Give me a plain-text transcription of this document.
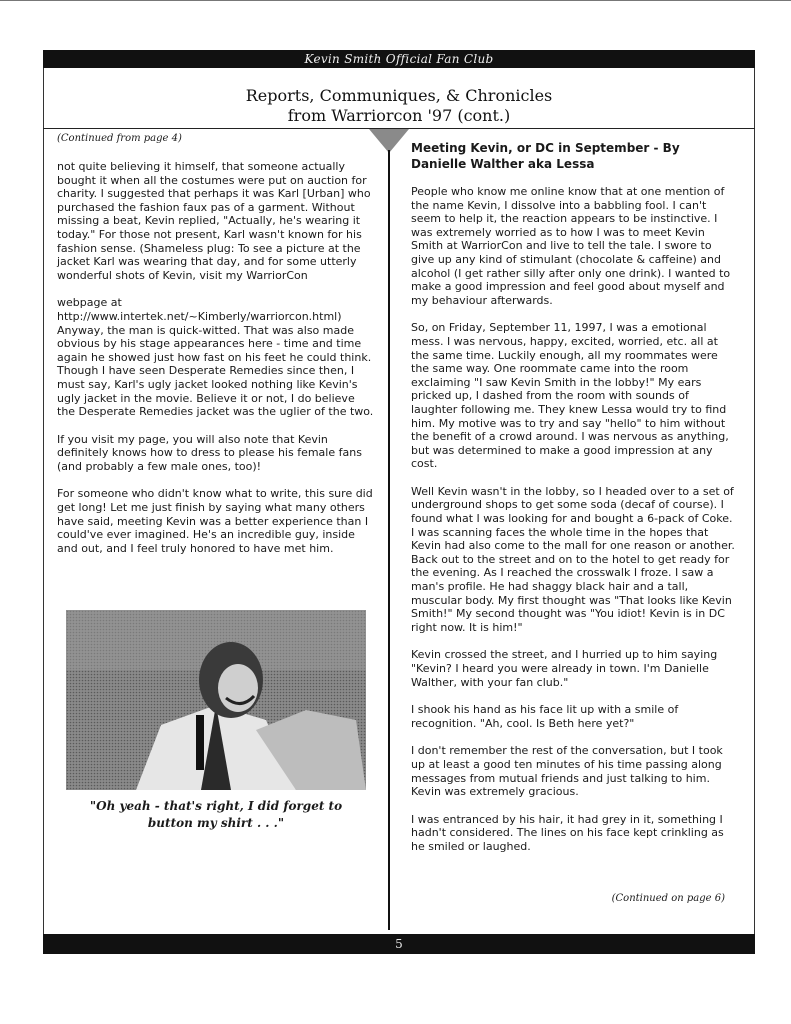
Kevin Smith Official Fan Club
Reports, Communiques, & Chronicles
from Warriorcon '97 (cont.)
(Continued from page 4)

not quite believing it himself, that someone actually bought it when all the costumes were put on auction for charity. I suggested that perhaps it was Karl [Urban] who purchased the fashion faux pas of a garment. Without missing a beat, Kevin replied, "Actually, he's wearing it today." For those not present, Karl wasn't known for his fashion sense. (Shameless plug: To see a picture at the jacket Karl was wearing that day, and for some utterly wonderful shots of Kevin, visit my WarriorCon

webpage at http://www.intertek.net/~Kimberly/warriorcon.html) Anyway, the man is quick-witted. That was also made obvious by his stage appearances here - time and time again he showed just how fast on his feet he could think. Though I have seen Desperate Remedies since then, I must say, Karl's ugly jacket looked nothing like Kevin's ugly jacket in the movie. Believe it or not, I do believe the Desperate Remedies jacket was the uglier of the two.

If you visit my page, you will also note that Kevin definitely knows how to dress to please his female fans (and probably a few male ones, too)!

For someone who didn't know what to write, this sure did get long! Let me just finish by saying what many others have said, meeting Kevin was a better experience than I could've ever imagined. He's an incredible guy, inside and out, and I feel truly honored to have met him.

"Oh yeah - that's right, I did forget to button my shirt . . ."
Meeting Kevin, or DC in September - By Danielle Walther aka Lessa

People who know me online know that at one mention of the name Kevin, I dissolve into a babbling fool. I can't seem to help it, the reaction appears to be instinctive. I was extremely worried as to how I was to meet Kevin Smith at WarriorCon and live to tell the tale. I swore to give up any kind of stimulant (chocolate & caffeine) and alcohol (I get rather silly after only one drink). I wanted to make a good impression and feel good about myself and my behaviour afterwards.

So, on Friday, September 11, 1997, I was a emotional mess. I was nervous, happy, excited, worried, etc. all at the same time. Luckily enough, all my roommates were the same way. One roommate came into the room exclaiming "I saw Kevin Smith in the lobby!" My ears pricked up, I dashed from the room with sounds of laughter following me. They knew Lessa would try to find him. My motive was to try and say "hello" to him without the benefit of a crowd around. I was nervous as anything, but was determined to make a good impression at any cost.

Well Kevin wasn't in the lobby, so I headed over to a set of underground shops to get some soda (decaf of course). I found what I was looking for and bought a 6-pack of Coke. I was scanning faces the whole time in the hopes that Kevin had also come to the mall for one reason or another. Back out to the street and on to the hotel to get ready for the evening. As I reached the crosswalk I froze. I saw a man's profile. He had shaggy black hair and a tall, muscular body. My first thought was "That looks like Kevin Smith!" My second thought was "You idiot! Kevin is in DC right now. It is him!"

Kevin crossed the street, and I hurried up to him saying "Kevin? I heard you were already in town. I'm Danielle Walther, with your fan club."

I shook his hand as his face lit up with a smile of recognition. "Ah, cool. Is Beth here yet?"

I don't remember the rest of the conversation, but I took up at least a good ten minutes of his time passing along messages from mutual friends and just talking to him. Kevin was extremely gracious.

I was entranced by his hair, it had grey in it, something I hadn't considered. The lines on his face kept crinkling as he smiled or laughed.

(Continued on page 6)
5
